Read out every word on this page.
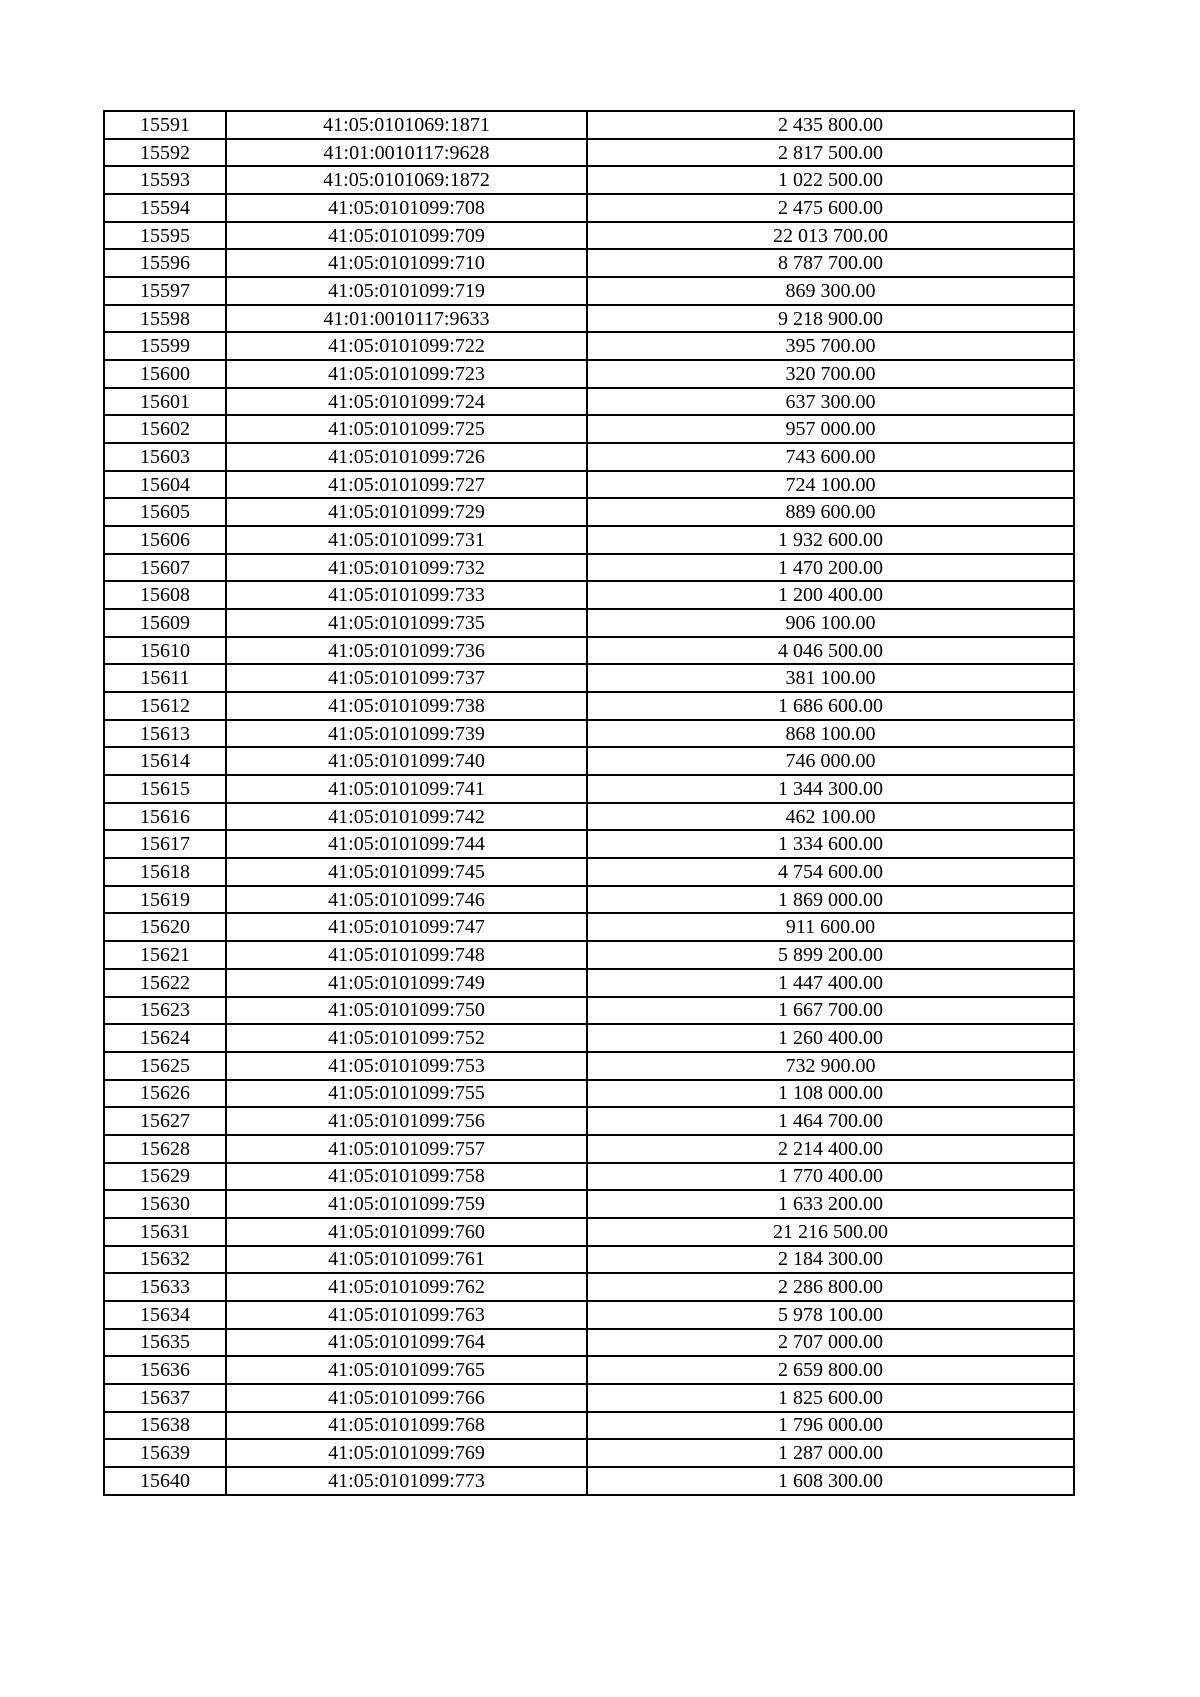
15591	41:05:0101069:1871	2 435 800.00
15592	41:01:0010117:9628	2 817 500.00
15593	41:05:0101069:1872	1 022 500.00
15594	41:05:0101099:708	2 475 600.00
15595	41:05:0101099:709	22 013 700.00
15596	41:05:0101099:710	8 787 700.00
15597	41:05:0101099:719	869 300.00
15598	41:01:0010117:9633	9 218 900.00
15599	41:05:0101099:722	395 700.00
15600	41:05:0101099:723	320 700.00
15601	41:05:0101099:724	637 300.00
15602	41:05:0101099:725	957 000.00
15603	41:05:0101099:726	743 600.00
15604	41:05:0101099:727	724 100.00
15605	41:05:0101099:729	889 600.00
15606	41:05:0101099:731	1 932 600.00
15607	41:05:0101099:732	1 470 200.00
15608	41:05:0101099:733	1 200 400.00
15609	41:05:0101099:735	906 100.00
15610	41:05:0101099:736	4 046 500.00
15611	41:05:0101099:737	381 100.00
15612	41:05:0101099:738	1 686 600.00
15613	41:05:0101099:739	868 100.00
15614	41:05:0101099:740	746 000.00
15615	41:05:0101099:741	1 344 300.00
15616	41:05:0101099:742	462 100.00
15617	41:05:0101099:744	1 334 600.00
15618	41:05:0101099:745	4 754 600.00
15619	41:05:0101099:746	1 869 000.00
15620	41:05:0101099:747	911 600.00
15621	41:05:0101099:748	5 899 200.00
15622	41:05:0101099:749	1 447 400.00
15623	41:05:0101099:750	1 667 700.00
15624	41:05:0101099:752	1 260 400.00
15625	41:05:0101099:753	732 900.00
15626	41:05:0101099:755	1 108 000.00
15627	41:05:0101099:756	1 464 700.00
15628	41:05:0101099:757	2 214 400.00
15629	41:05:0101099:758	1 770 400.00
15630	41:05:0101099:759	1 633 200.00
15631	41:05:0101099:760	21 216 500.00
15632	41:05:0101099:761	2 184 300.00
15633	41:05:0101099:762	2 286 800.00
15634	41:05:0101099:763	5 978 100.00
15635	41:05:0101099:764	2 707 000.00
15636	41:05:0101099:765	2 659 800.00
15637	41:05:0101099:766	1 825 600.00
15638	41:05:0101099:768	1 796 000.00
15639	41:05:0101099:769	1 287 000.00
15640	41:05:0101099:773	1 608 300.00
